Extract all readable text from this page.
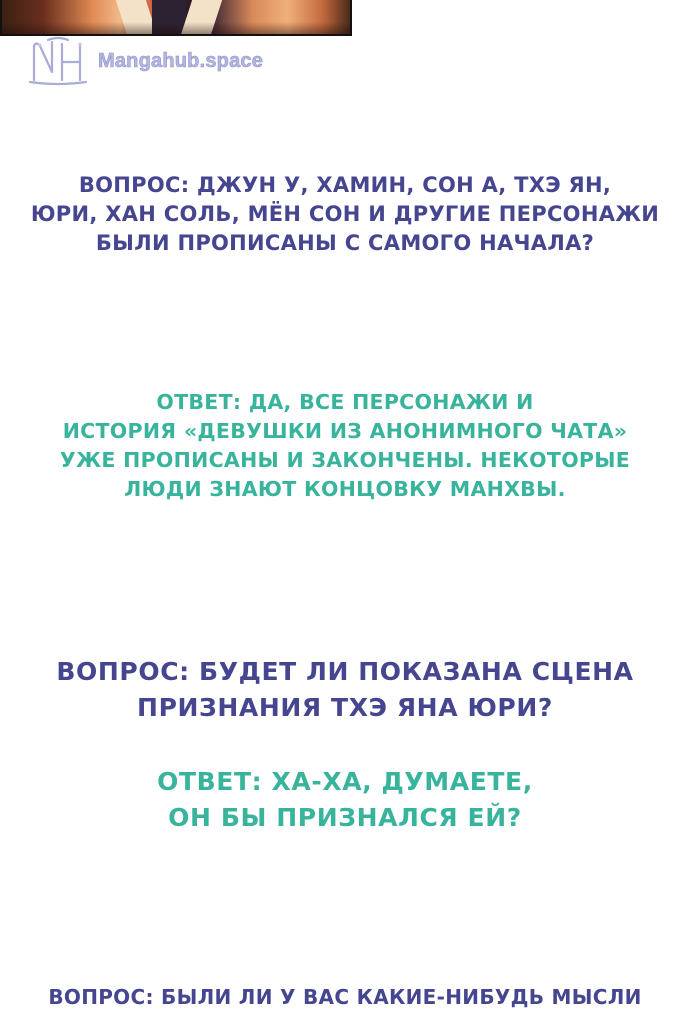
Mangahub.space
ВОПРОС: ДЖУН У, ХАМИН, СОН А, ТХЭ ЯН,
ЮРИ, ХАН СОЛЬ, МЁН СОН И ДРУГИЕ ПЕРСОНАЖИ
БЫЛИ ПРОПИСАНЫ С САМОГО НАЧАЛА?
ОТВЕТ: ДА, ВСЕ ПЕРСОНАЖИ И
ИСТОРИЯ «ДЕВУШКИ ИЗ АНОНИМНОГО ЧАТА»
УЖЕ ПРОПИСАНЫ И ЗАКОНЧЕНЫ. НЕКОТОРЫЕ
ЛЮДИ ЗНАЮТ КОНЦОВКУ МАНХВЫ.
ВОПРОС: БУДЕТ ЛИ ПОКАЗАНА СЦЕНА
ПРИЗНАНИЯ ТХЭ ЯНА ЮРИ?
ОТВЕТ: ХА-ХА, ДУМАЕТЕ,
ОН БЫ ПРИЗНАЛСЯ ЕЙ?
ВОПРОС: БЫЛИ ЛИ У ВАС КАКИЕ-НИБУДЬ МЫСЛИ
